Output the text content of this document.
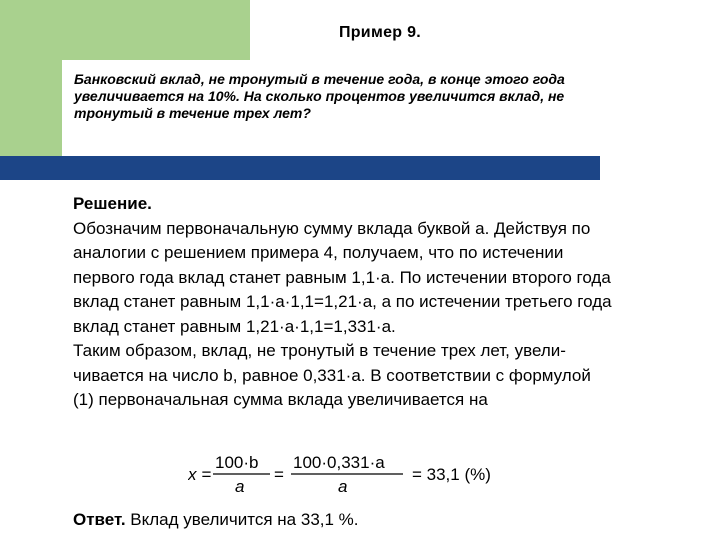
Пример 9.
Банковский вклад, не тронутый в течение года, в конце этого года
увеличивается на 10%. На сколько процентов увеличится вклад, не
тронутый в течение трех лет?

Решение.

Обозначим первоначальную сумму вклада буквой a. Действуя по

аналогии с решением примера 4, получаем, что по истечении

первого года вклад станет равным 1,1·a. По истечении второго года

вклад станет равным 1,1·a·1,1=1,21·a, а по истечении третьего года

вклад станет равным 1,21·a·1,1=1,331·a.

Таким образом, вклад, не тронутый в течение трех лет, увели-

чивается на число b, равное 0,331·a. В соответствии с формулой

(1) первоначальная сумма вклада увеличивается на

x =
100·b
a
=
100·0,331·a
a
= 33,1 (%)
Ответ. Вклад увеличится на 33,1 %.
